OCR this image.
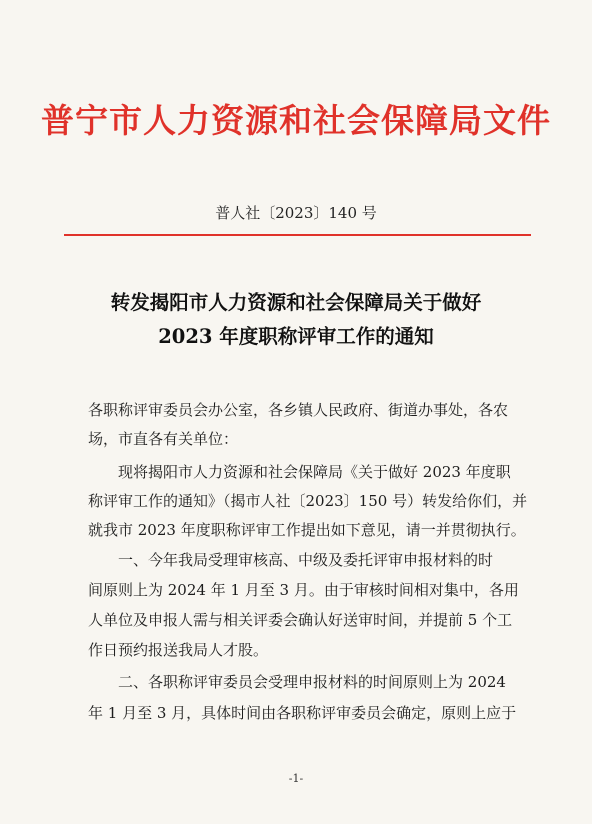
普宁市人力资源和社会保障局文件
普人社〔2023〕140 号
转发揭阳市人力资源和社会保障局关于做好
2023 年度职称评审工作的通知
各职称评审委员会办公室，各乡镇人民政府、街道办事处，各农
场，市直各有关单位：
　　现将揭阳市人力资源和社会保障局《关于做好 2023 年度职
称评审工作的通知》（揭市人社〔2023〕150 号）转发给你们，并
就我市 2023 年度职称评审工作提出如下意见，请一并贯彻执行。
　　一、今年我局受理审核高、中级及委托评审申报材料的时
间原则上为 2024 年 1 月至 3 月。由于审核时间相对集中，各用
人单位及申报人需与相关评委会确认好送审时间，并提前 5 个工
作日预约报送我局人才股。
　　二、各职称评审委员会受理申报材料的时间原则上为 2024
年 1 月至 3 月，具体时间由各职称评审委员会确定，原则上应于
-1-
